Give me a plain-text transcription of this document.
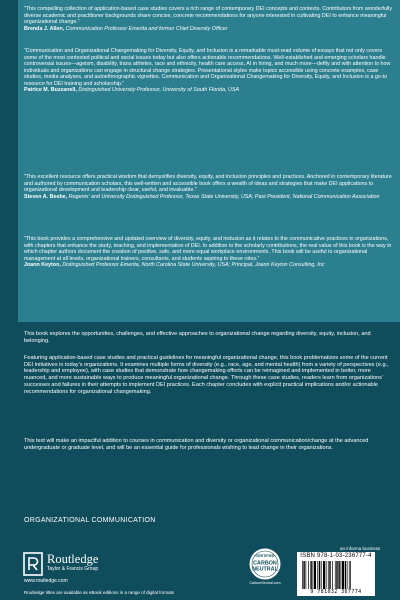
“This compelling collection of application-based case studies covers a rich range of contemporary DEI concepts and contexts. Contributors from wonderfully diverse academic and practitioner backgrounds share concise, concrete recommendations for anyone interested in cultivating DEI to enhance meaningful organizational change.”

Brenda J. Allen, Communication Professor Emerita and former Chief Diversity Officer

“Communication and Organizational Changemaking for Diversity, Equity, and Inclusion is a remarkable must-read volume of essays that not only covers some of the most contested political and social issues today but also offers actionable recommendations. Well-established and emerging scholars handle controversial issues—ageism, disability, trans athletes, race and ethnicity, health care access, AI in hiring, and much more—deftly and with attention to how individuals and organizations can engage in structural change strategies. Presentational styles make topics accessible using concrete examples, case studies, media analyses, and autoethnographic vignettes. Communication and Organizational Changemaking for Diversity, Equity, and Inclusion is a go-to resource for DEI training and scholarship.”

Patrice M. Buzzanell, Distinguished University Professor, University of South Florida, USA

“This excellent resource offers practical wisdom that demystifies diversity, equity, and inclusion principles and practices. Anchored in contemporary literature and authored by communication scholars, this well-written and accessible book offers a wealth of ideas and strategies that make DEI applications to organizational development and leadership clear, useful, and invaluable.”

Steven A. Beebe, Regents’ and University Distinguished Professor, Texas State University, USA; Past President, National Communication Association

“This book provides a comprehensive and updated overview of diversity, equity, and inclusion as it relates to the communicative practices in organizations, with chapters that enhance the study, teaching, and implementation of DEI. In addition to the scholarly contributions, the real value of this book is the way in which chapter authors document the creation of positive, safe, and more equal workplace environments. This book will be useful to organizational management at all levels, organizational trainers, consultants, and students aspiring to these roles.”

Joann Keyton, Distinguished Professor Emerita, North Carolina State University, USA; Principal, Joann Keyton Consulting, Inc

This book explores the opportunities, challenges, and effective approaches to organizational change regarding diversity, equity, inclusion, and belonging.

Featuring application-based case studies and practical guidelines for meaningful organizational change, this book problematizes some of the current DEI initiatives in today’s organizations. It examines multiple forms of diversity (e.g., race, age, and mental health) from a variety of perspectives (e.g., leadership and employee), with case studies that demonstrate how changemaking efforts can be reimagined and implemented in better, more nuanced, and more sustainable ways to produce meaningful organizational change. Through these case studies, readers learn from organizations’ successes and failures in their attempts to implement DEI practices. Each chapter concludes with explicit practical implications and/or actionable recommendations for organizational changemaking.

This text will make an impactful addition to courses in communication and diversity or organizational communication/change at the advanced undergraduate or graduate level, and will be an essential guide for professionals wishing to lead change in their organizations.

ORGANIZATIONAL COMMUNICATION
Routledge
Taylor & Francis Group
www.routledge.com
Routledge titles are available as eBook editions in a range of digital formats
CERTIFIED
CARBON
NEUTRAL
CarbonNeutral.com
an informa business
ISBN 978-1-03-236777-4
9 781032 367774
